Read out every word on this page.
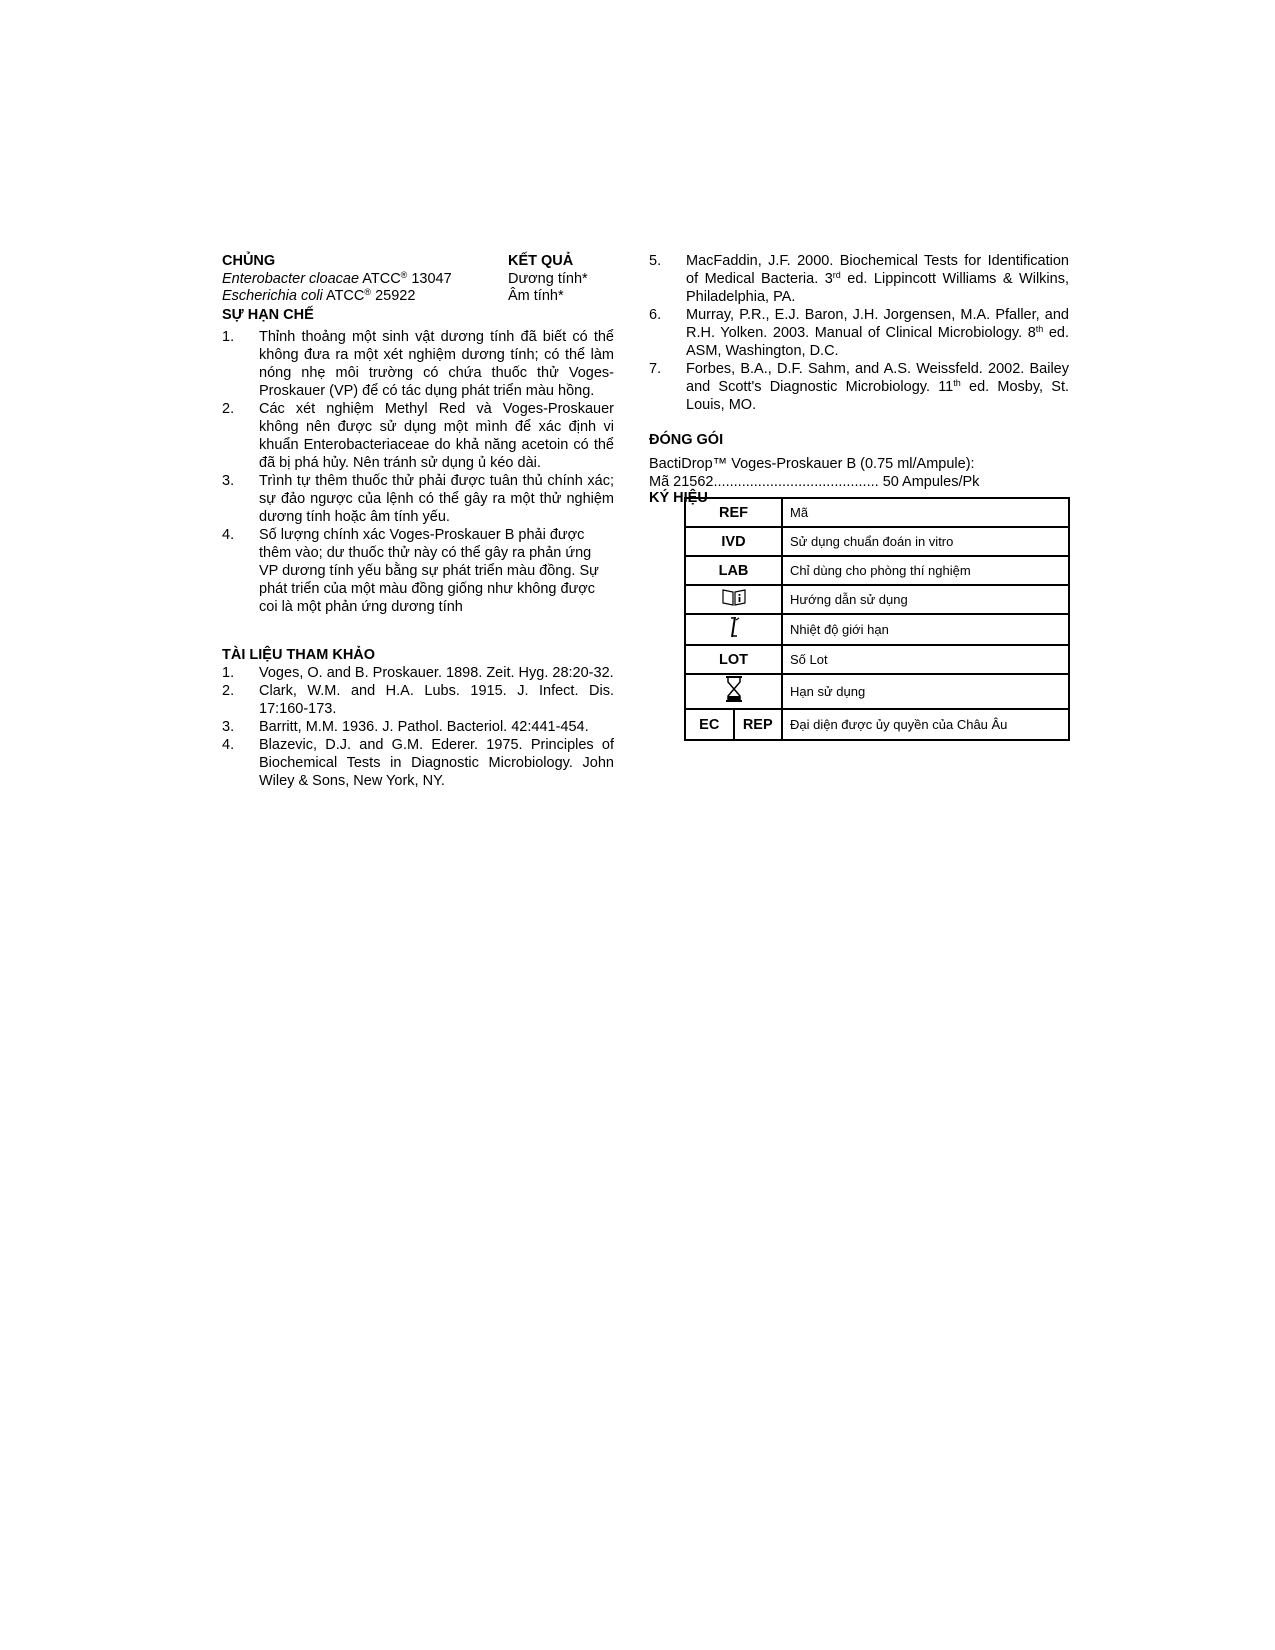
CHỦNG	KẾT QUẢ
Enterobacter cloacae ATCC® 13047	Dương tính*
Escherichia coli ATCC® 25922	Âm tính*
SỰ HẠN CHẾ
1. Thỉnh thoảng một sinh vật dương tính đã biết có thể không đưa ra một xét nghiệm dương tính; có thể làm nóng nhẹ môi trường có chứa thuốc thử Voges-Proskauer (VP) để có tác dụng phát triển màu hồng.
2. Các xét nghiệm Methyl Red và Voges-Proskauer không nên được sử dụng một mình để xác định vi khuẩn Enterobacteriaceae do khả năng acetoin có thể đã bị phá hủy. Nên tránh sử dụng ủ kéo dài.
3. Trình tự thêm thuốc thử phải được tuân thủ chính xác; sự đảo ngược của lệnh có thể gây ra một thử nghiệm dương tính hoặc âm tính yếu.
4. Số lượng chính xác Voges-Proskauer B phải được thêm vào; dư thuốc thử này có thể gây ra phản ứng VP dương tính yếu bằng sự phát triển màu đồng. Sự phát triển của một màu đồng giống như không được coi là một phản ứng dương tính
TÀI LIỆU THAM KHẢO
1. Voges, O. and B. Proskauer. 1898. Zeit. Hyg. 28:20-32.
2. Clark, W.M. and H.A. Lubs. 1915. J. Infect. Dis. 17:160-173.
3. Barritt, M.M. 1936. J. Pathol. Bacteriol. 42:441-454.
4. Blazevic, D.J. and G.M. Ederer. 1975. Principles of Biochemical Tests in Diagnostic Microbiology. John Wiley & Sons, New York, NY.
5. MacFaddin, J.F. 2000. Biochemical Tests for Identification of Medical Bacteria. 3rd ed. Lippincott Williams & Wilkins, Philadelphia, PA.
6. Murray, P.R., E.J. Baron, J.H. Jorgensen, M.A. Pfaller, and R.H. Yolken. 2003. Manual of Clinical Microbiology. 8th ed. ASM, Washington, D.C.
7. Forbes, B.A., D.F. Sahm, and A.S. Weissfeld. 2002. Bailey and Scott's Diagnostic Microbiology. 11th ed. Mosby, St. Louis, MO.
ĐÓNG GÓI
BactiDrop™ Voges-Proskauer B (0.75 ml/Ampule):
Mã 21562......................................... 50 Ampules/Pk
KÝ HIỆU
REF	Mã
IVD	Sử dụng chuẩn đoán in vitro
LAB	Chỉ dùng cho phòng thí nghiệm
	Hướng dẫn sử dụng
	Nhiệt độ giới hạn
LOT	Số Lot
	Hạn sử dụng

EC REP	Đại diện được ủy quyền của Châu Âu
